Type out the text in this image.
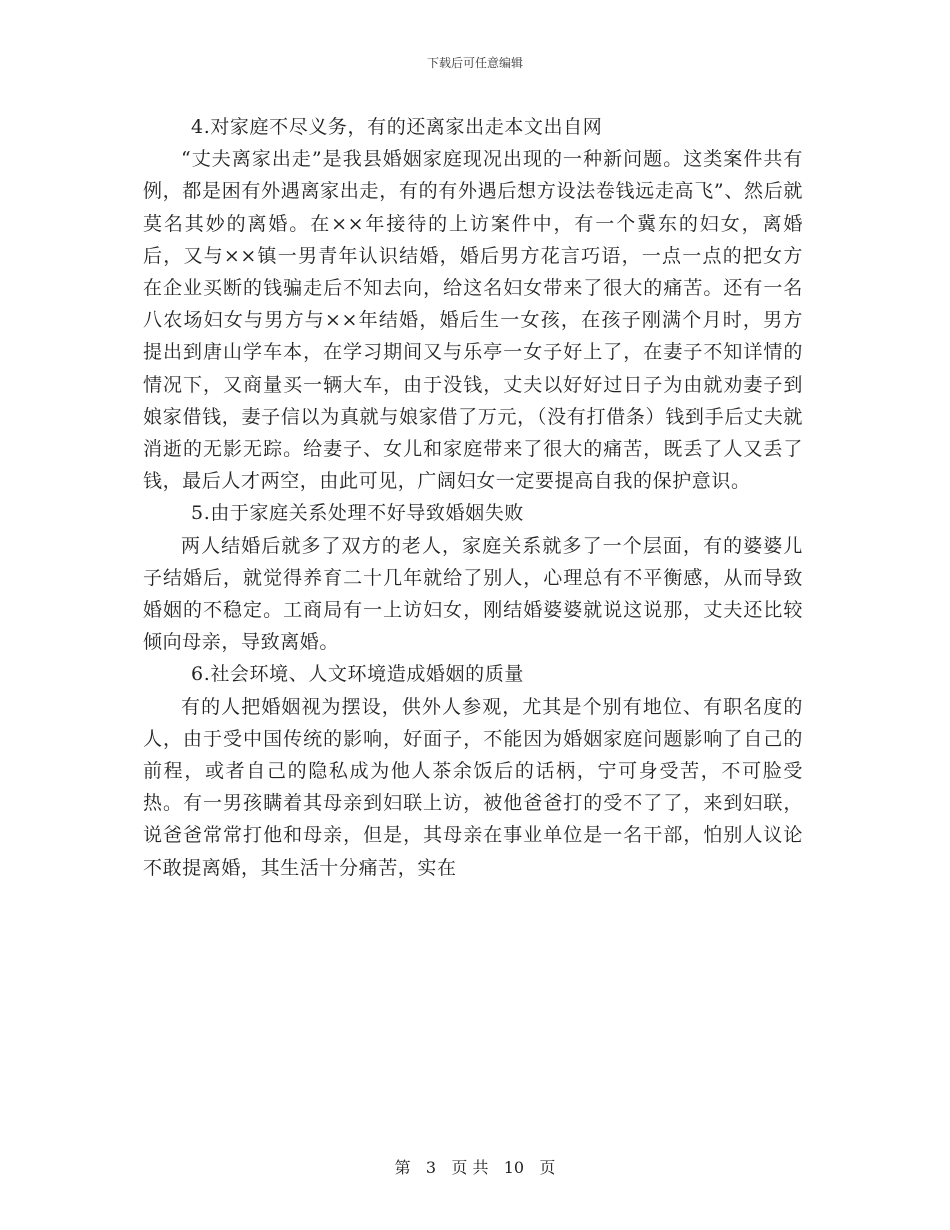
下载后可任意编辑

4.对家庭不尽义务，有的还离家出走本文出自网

“丈夫离家出走”是我县婚姻家庭现况出现的一种新问题。这类案件共有例，都是困有外遇离家出走，有的有外遇后想方设法卷钱远走高飞”、然后就莫名其妙的离婚。在××年接待的上访案件中，有一个冀东的妇女，离婚后，又与××镇一男青年认识结婚，婚后男方花言巧语，一点一点的把女方在企业买断的钱骗走后不知去向，给这名妇女带来了很大的痛苦。还有一名八农场妇女与男方与××年结婚，婚后生一女孩，在孩子刚满个月时，男方提出到唐山学车本，在学习期间又与乐亭一女子好上了，在妻子不知详情的情况下，又商量买一辆大车，由于没钱，丈夫以好好过日子为由就劝妻子到娘家借钱，妻子信以为真就与娘家借了万元，（没有打借条）钱到手后丈夫就消逝的无影无踪。给妻子、女儿和家庭带来了很大的痛苦，既丢了人又丢了钱，最后人才两空，由此可见，广阔妇女一定要提高自我的保护意识。

5.由于家庭关系处理不好导致婚姻失败

两人结婚后就多了双方的老人，家庭关系就多了一个层面，有的婆婆儿子结婚后，就觉得养育二十几年就给了别人，心理总有不平衡感，从而导致婚姻的不稳定。工商局有一上访妇女，刚结婚婆婆就说这说那，丈夫还比较倾向母亲，导致离婚。

6.社会环境、人文环境造成婚姻的质量

有的人把婚姻视为摆设，供外人参观，尤其是个别有地位、有职名度的人，由于受中国传统的影响，好面子，不能因为婚姻家庭问题影响了自己的前程，或者自己的隐私成为他人茶余饭后的话柄，宁可身受苦，不可脸受热。有一男孩瞒着其母亲到妇联上访，被他爸爸打的受不了了，来到妇联，说爸爸常常打他和母亲，但是，其母亲在事业单位是一名干部，怕别人议论不敢提离婚，其生活十分痛苦，实在

第 3 页 共 10 页
